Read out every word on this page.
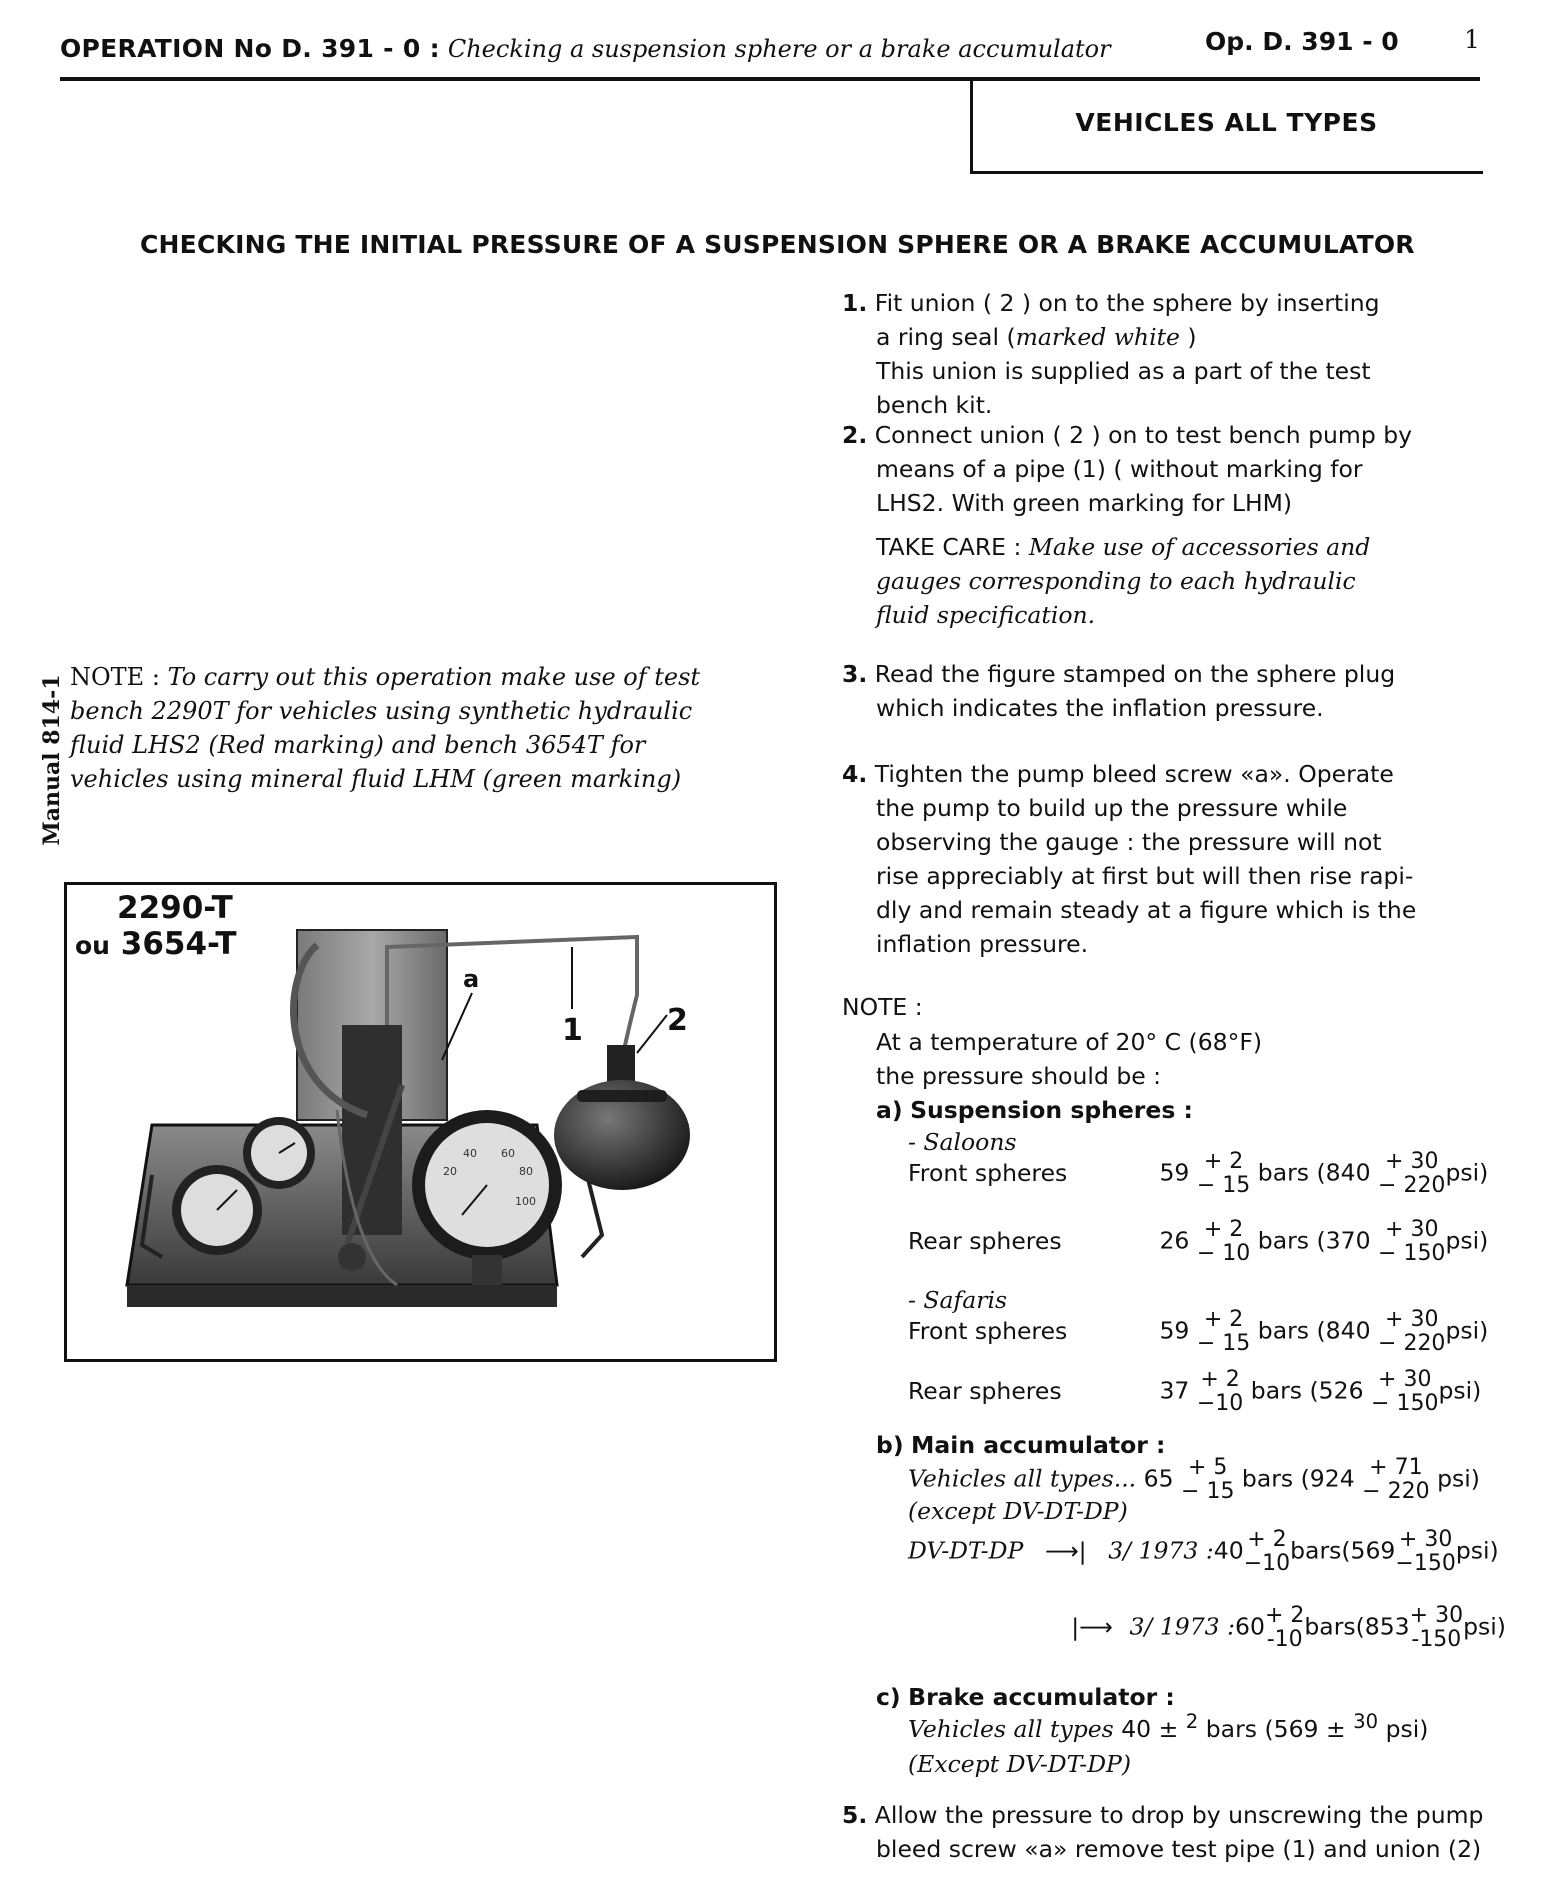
OPERATION No D. 391 - 0 : Checking a suspension sphere or a brake accumulator	Op. D. 391 - 0	1
VEHICLES ALL TYPES
Manual 814-1
CHECKING THE INITIAL PRESSURE OF A SUSPENSION SPHERE OR A BRAKE ACCUMULATOR
NOTE : To carry out this operation make use of test bench 2290T for vehicles using synthetic hydraulic fluid LHS2 (Red marking) and bench 3654T for vehicles using mineral fluid LHM (green marking)
20
40 60
80
100
a
1	2
2290-T
ou 3654-T
1. Fit union ( 2 ) on to the sphere by inserting
a ring seal (marked white )
This union is supplied as a part of the test
bench kit.
2. Connect union ( 2 ) on to test bench pump by
means of a pipe (1) ( without marking for
LHS2. With green marking for LHM)
TAKE CARE : Make use of accessories and
gauges corresponding to each hydraulic
fluid specification.
3. Read the figure stamped on the sphere plug
which indicates the inflation pressure.
4. Tighten the pump bleed screw «a». Operate
the pump to build up the pressure while
observing the gauge : the pressure will not
rise appreciably at first but will then rise rapi-
dly and remain steady at a figure which is the
inflation pressure.
NOTE :
At a temperature of 20° C (68°F)
the pressure should be :
a) Suspension spheres :
- Saloons
Front spheres	59 + 2
− 15 bars (840 + 30
− 220 psi)
Rear spheres	26 + 2
− 10 bars (370 + 30
− 150 psi)
- Safaris
Front spheres	59 + 2
− 15 bars (840 + 30
− 220 psi)
Rear spheres	37 + 2
−10 bars (526 + 30
− 150 psi)
b) Main accumulator :
Vehicles all types... 65 + 5
− 15 bars (924 + 71
− 220 psi)
(except DV-DT-DP)
DV-DT-DP ⟶| 3/ 1973 :40 + 2
−10 bars(569 + 30
−150 psi)
|⟶ 3/ 1973 :60 + 2
-10 bars(853 + 30
-150 psi)
c) Brake accumulator :
Vehicles all types 40 ± $^2$ bars (569 ± $^{30}$ psi)
(Except DV-DT-DP)
5. Allow the pressure to drop by unscrewing the pump
bleed screw «a» remove test pipe (1) and union (2)
